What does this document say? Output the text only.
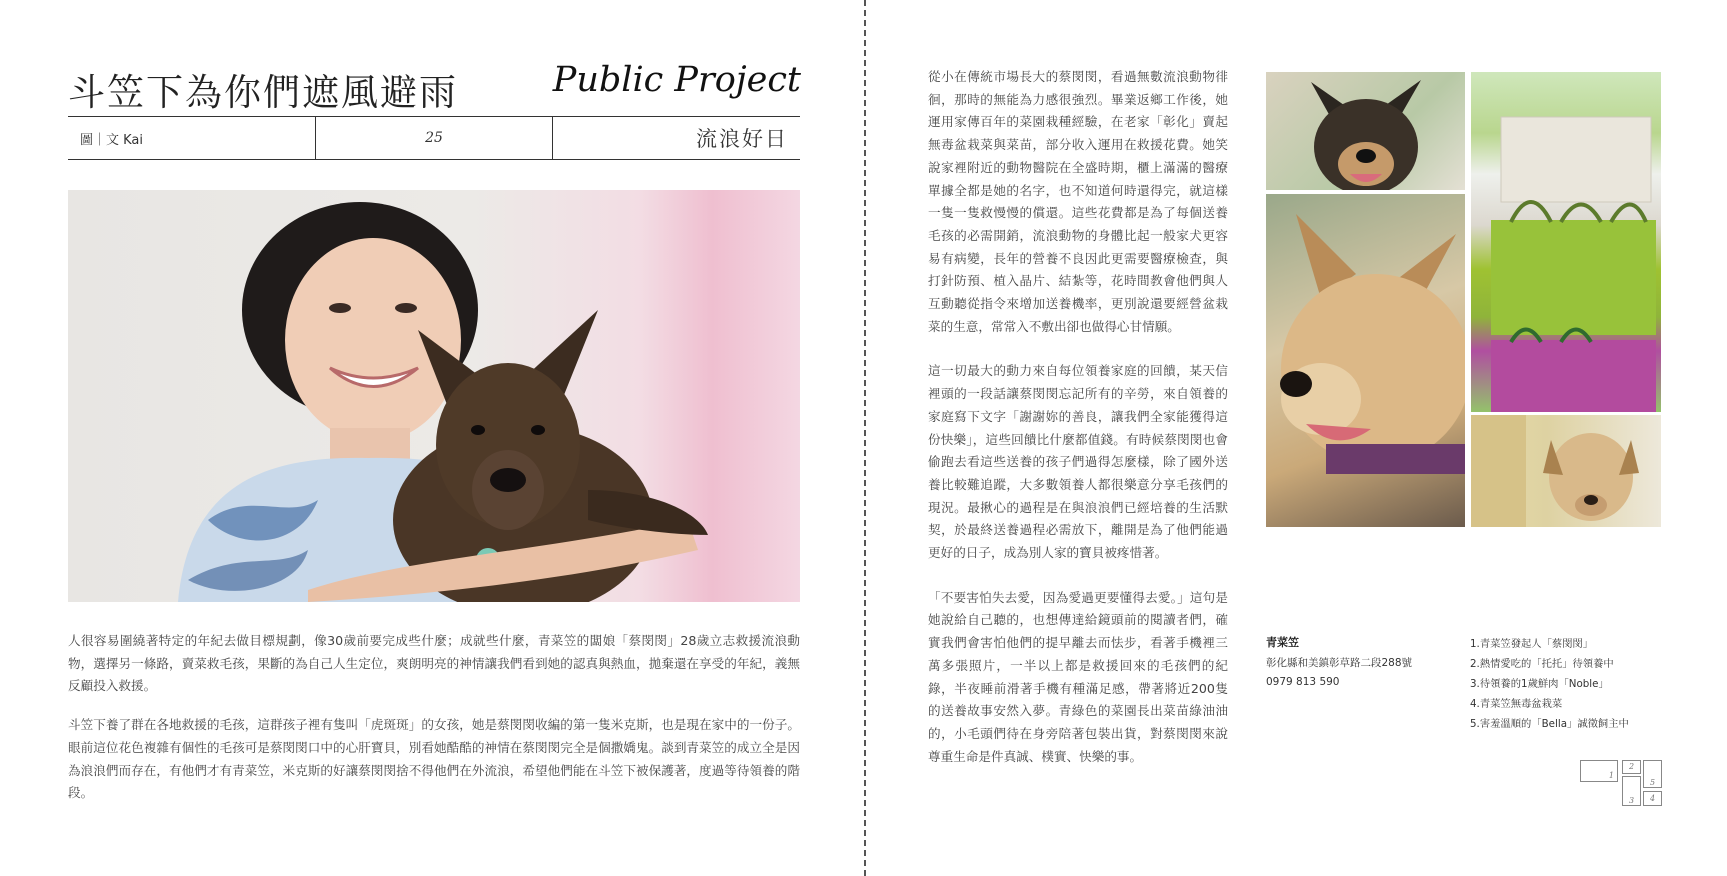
斗笠下為你們遮風避雨	Public Project
圖｜文 Kai	25	流浪好日

人很容易圍繞著特定的年紀去做目標規劃，像30歲前要完成些什麼；成就些什麼，青菜笠的闆娘「蔡閔閔」28歲立志救援流浪動物，選擇另一條路，賣菜救毛孩，果斷的為自己人生定位，爽朗明亮的神情讓我們看到她的認真與熱血，拋棄還在享受的年紀，義無反顧投入救援。

斗笠下養了群在各地救援的毛孩，這群孩子裡有隻叫「虎斑斑」的女孩，她是蔡閔閔收編的第一隻米克斯，也是現在家中的一份子。眼前這位花色複雜有個性的毛孩可是蔡閔閔口中的心肝寶貝，別看她酷酷的神情在蔡閔閔完全是個撒嬌鬼。談到青菜笠的成立全是因為浪浪們而存在，有他們才有青菜笠，米克斯的好讓蔡閔閔捨不得他們在外流浪，希望他們能在斗笠下被保護著，度過等待領養的階段。

從小在傳統市場長大的蔡閔閔，看過無數流浪動物徘徊，那時的無能為力感很強烈。畢業返鄉工作後，她運用家傳百年的菜園栽種經驗，在老家「彰化」賣起無毒盆栽菜與菜苗，部分收入運用在救援花費。她笑說家裡附近的動物醫院在全盛時期，櫃上滿滿的醫療單據全都是她的名字，也不知道何時還得完，就這樣一隻一隻救慢慢的償還。這些花費都是為了每個送養毛孩的必需開銷，流浪動物的身體比起一般家犬更容易有病變，長年的營養不良因此更需要醫療檢查，與打針防預、植入晶片、結紮等，花時間教會他們與人互動聽從指令來增加送養機率，更別說還要經營盆栽菜的生意，常常入不敷出卻也做得心甘情願。

這一切最大的動力來自每位領養家庭的回饋，某天信裡頭的一段話讓蔡閔閔忘記所有的辛勞，來自領養的家庭寫下文字「謝謝妳的善良，讓我們全家能獲得這份快樂」，這些回饋比什麼都值錢。有時候蔡閔閔也會偷跑去看這些送養的孩子們過得怎麼樣，除了國外送養比較難追蹤，大多數領養人都很樂意分享毛孩們的現況。最揪心的過程是在與浪浪們已經培養的生活默契，於最終送養過程必需放下，離開是為了他們能過更好的日子，成為別人家的寶貝被疼惜著。

「不要害怕失去愛，因為愛過更要懂得去愛。」這句是她說給自己聽的，也想傳達給鏡頭前的閱讀者們，確實我們會害怕他們的提早離去而怯步，看著手機裡三萬多張照片，一半以上都是救援回來的毛孩們的紀錄，半夜睡前滑著手機有種滿足感，帶著將近200隻的送養故事安然入夢。青綠色的菜園長出菜苗綠油油的，小毛頭們待在身旁陪著包裝出貨，對蔡閔閔來說尊重生命是件真誠、樸實、快樂的事。

青菜笠
彰化縣和美鎮彰草路二段288號
0979 813 590
1.青菜笠發起人「蔡閔閔」
2.熱情愛吃的「托托」待領養中
3.待領養的1歲鮮肉「Noble」
4.青菜笠無毒盆栽菜
5.害羞溫順的「Bella」誠徵飼主中
1
2
3	4
5
